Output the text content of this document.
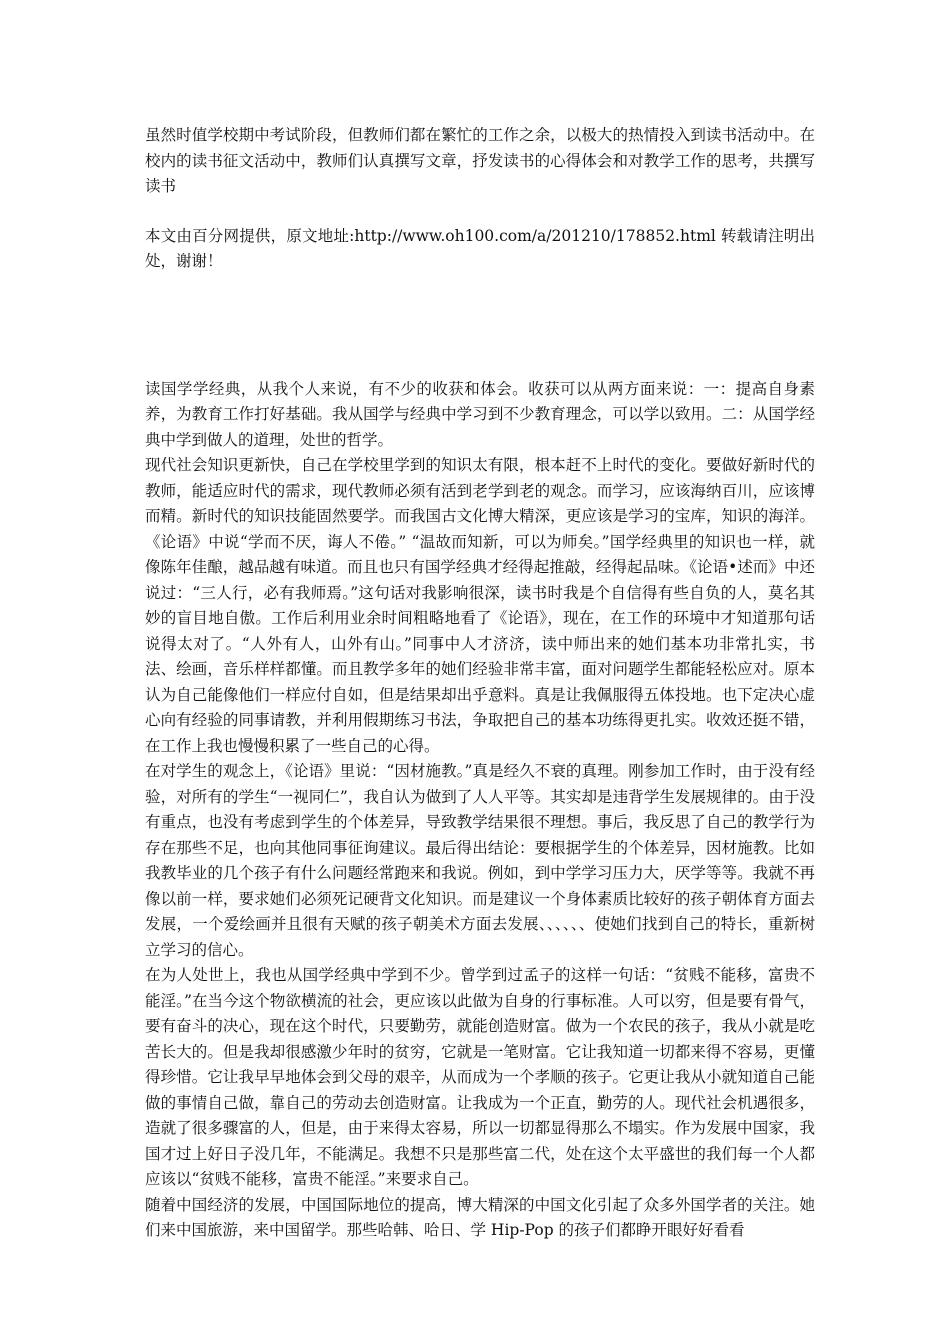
虽然时值学校期中考试阶段，但教师们都在繁忙的工作之余，以极大的热情投入到读书活动中。在校内的读书征文活动中，教师们认真撰写文章，抒发读书的心得体会和对教学工作的思考，共撰写读书

本文由百分网提供，原文地址:http://www.oh100.com/a/201210/178852.html 转载请注明出处，谢谢！

读国学学经典，从我个人来说，有不少的收获和体会。收获可以从两方面来说：一：提高自身素养，为教育工作打好基础。我从国学与经典中学习到不少教育理念，可以学以致用。二：从国学经典中学到做人的道理，处世的哲学。

现代社会知识更新快，自己在学校里学到的知识太有限，根本赶不上时代的变化。要做好新时代的教师，能适应时代的需求，现代教师必须有活到老学到老的观念。而学习，应该海纳百川，应该博而精。新时代的知识技能固然要学。而我国古文化博大精深，更应该是学习的宝库，知识的海洋。《论语》中说“学而不厌，诲人不倦。” “温故而知新，可以为师矣。”国学经典里的知识也一样，就像陈年佳酿，越品越有味道。而且也只有国学经典才经得起推敲，经得起品味。《论语•述而》中还说过：“三人行，必有我师焉。”这句话对我影响很深，读书时我是个自信得有些自负的人，莫名其妙的盲目地自傲。工作后利用业余时间粗略地看了《论语》，现在，在工作的环境中才知道那句话说得太对了。“人外有人，山外有山。”同事中人才济济，读中师出来的她们基本功非常扎实，书法、绘画，音乐样样都懂。而且教学多年的她们经验非常丰富，面对问题学生都能轻松应对。原本认为自己能像他们一样应付自如，但是结果却出乎意料。真是让我佩服得五体投地。也下定决心虚心向有经验的同事请教，并利用假期练习书法，争取把自己的基本功练得更扎实。收效还挺不错，在工作上我也慢慢积累了一些自己的心得。

在对学生的观念上，《论语》里说：“因材施教。”真是经久不衰的真理。刚参加工作时，由于没有经验，对所有的学生“一视同仁”，我自认为做到了人人平等。其实却是违背学生发展规律的。由于没有重点，也没有考虑到学生的个体差异，导致教学结果很不理想。事后，我反思了自己的教学行为存在那些不足，也向其他同事征询建议。最后得出结论：要根据学生的个体差异，因材施教。比如我教毕业的几个孩子有什么问题经常跑来和我说。例如，到中学学习压力大，厌学等等。我就不再像以前一样，要求她们必须死记硬背文化知识。而是建议一个身体素质比较好的孩子朝体育方面去发展，一个爱绘画并且很有天赋的孩子朝美术方面去发展、、、、、、使她们找到自己的特长，重新树立学习的信心。

在为人处世上，我也从国学经典中学到不少。曾学到过孟子的这样一句话：“贫贱不能移，富贵不能淫。”在当今这个物欲横流的社会，更应该以此做为自身的行事标准。人可以穷，但是要有骨气，要有奋斗的决心，现在这个时代，只要勤劳，就能创造财富。做为一个农民的孩子，我从小就是吃苦长大的。但是我却很感激少年时的贫穷，它就是一笔财富。它让我知道一切都来得不容易，更懂得珍惜。它让我早早地体会到父母的艰辛，从而成为一个孝顺的孩子。它更让我从小就知道自己能做的事情自己做，靠自己的劳动去创造财富。让我成为一个正直，勤劳的人。现代社会机遇很多，造就了很多骤富的人，但是，由于来得太容易，所以一切都显得那么不塌实。作为发展中国家，我国才过上好日子没几年，不能满足。我想不只是那些富二代，处在这个太平盛世的我们每一个人都应该以“贫贱不能移，富贵不能淫。”来要求自己。

随着中国经济的发展，中国国际地位的提高，博大精深的中国文化引起了众多外国学者的关注。她们来中国旅游，来中国留学。那些哈韩、哈日、学 Hip-Pop 的孩子们都睁开眼好好看看
